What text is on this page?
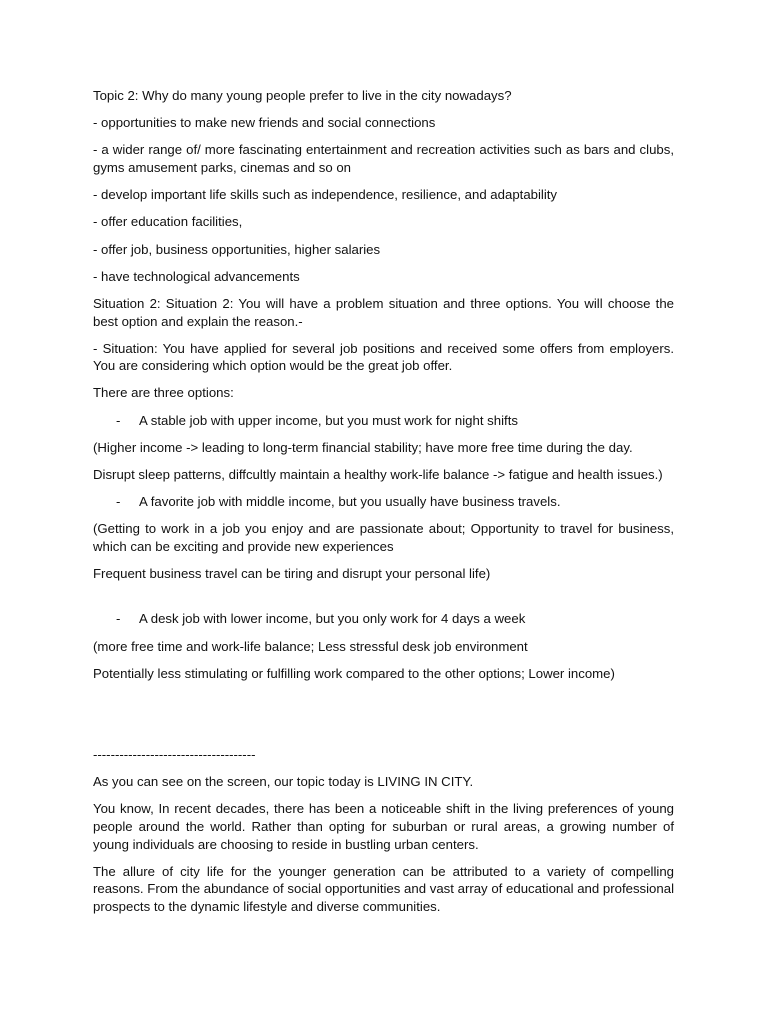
Topic 2: Why do many young people prefer to live in the city nowadays?

- opportunities to make new friends and social connections

- a wider range of/ more fascinating entertainment and recreation activities such as bars and clubs, gyms amusement parks, cinemas and so on

- develop important life skills such as independence, resilience, and adaptability

- offer education facilities,

- offer job, business opportunities, higher salaries

- have technological advancements

Situation 2: Situation 2: You will have a problem situation and three options. You will choose the best option and explain the reason.-

- Situation: You have applied for several job positions and received some offers from employers. You are considering which option would be the great job offer.

There are three options:

-	A stable job with upper income, but you must work for night shifts

(Higher income -> leading to long-term financial stability; have more free time during the day.

Disrupt sleep patterns, diffcultly maintain a healthy work-life balance -> fatigue and health issues.)

-	A favorite job with middle income, but you usually have business travels.

(Getting to work in a job you enjoy and are passionate about; Opportunity to travel for business, which can be exciting and provide new experiences

Frequent business travel can be tiring and disrupt your personal life)

-	A desk job with lower income, but you only work for 4 days a week

(more free time and work-life balance; Less stressful desk job environment

Potentially less stimulating or fulfilling work compared to the other options; Lower income)

-------------------------------------

As you can see on the screen, our topic today is LIVING IN CITY.

You know, In recent decades, there has been a noticeable shift in the living preferences of young people around the world. Rather than opting for suburban or rural areas, a growing number of young individuals are choosing to reside in bustling urban centers.

The allure of city life for the younger generation can be attributed to a variety of compelling reasons. From the abundance of social opportunities and vast array of educational and professional prospects to the dynamic lifestyle and diverse communities.
